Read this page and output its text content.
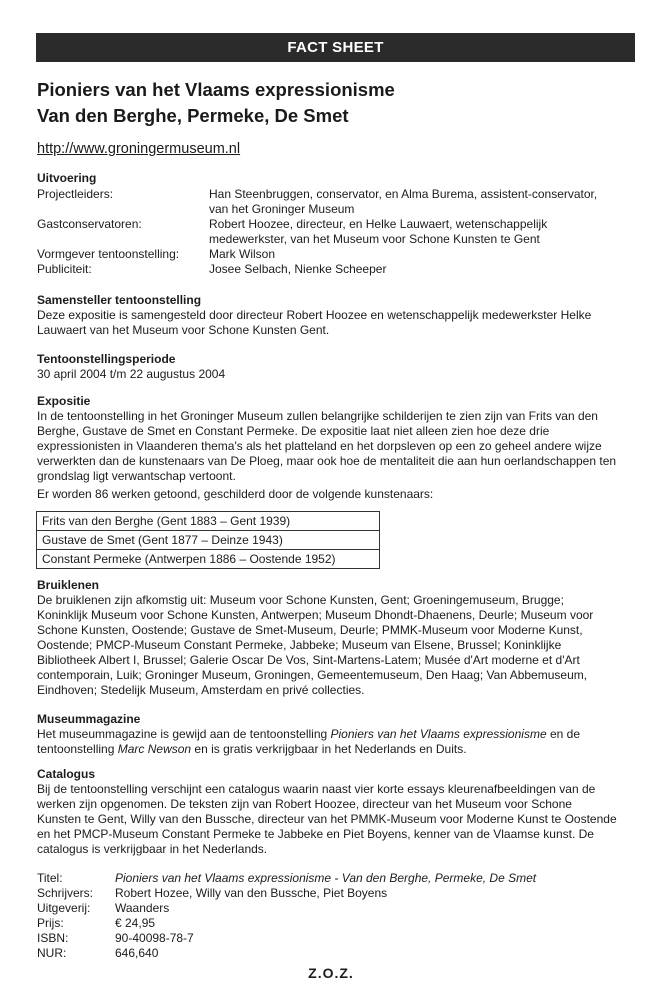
FACT SHEET
Pioniers van het Vlaams expressionisme
Van den Berghe, Permeke, De Smet
http://www.groningermuseum.nl
Uitvoering
Projectleiders:	Han Steenbruggen, conservator, en Alma Burema, assistent-conservator, van het Groninger Museum
Gastconservatoren:	Robert Hoozee, directeur, en Helke Lauwaert, wetenschappelijk medewerkster, van het Museum voor Schone Kunsten te Gent
Vormgever tentoonstelling: Mark Wilson
Publiciteit:	Josee Selbach, Nienke Scheeper
Samensteller tentoonstelling
Deze expositie is samengesteld door directeur Robert Hoozee en wetenschappelijk medewerkster Helke Lauwaert van het Museum voor Schone Kunsten Gent.
Tentoonstellingsperiode
30 april 2004 t/m 22 augustus 2004
Expositie
In de tentoonstelling in het Groninger Museum zullen belangrijke schilderijen te zien zijn van Frits van den Berghe, Gustave de Smet en Constant Permeke. De expositie laat niet alleen zien hoe deze drie expressionisten in Vlaanderen thema's als het platteland en het dorpsleven op een zo geheel andere wijze verwerkten dan de kunstenaars van De Ploeg, maar ook hoe de mentaliteit die aan hun oerlandschappen ten grondslag ligt verwantschap vertoont.
Er worden 86 werken getoond, geschilderd door de volgende kunstenaars:
Frits van den Berghe (Gent 1883 – Gent 1939)
Gustave de Smet (Gent 1877 – Deinze 1943)
Constant Permeke (Antwerpen 1886 – Oostende 1952)
Bruiklenen
De bruiklenen zijn afkomstig uit: Museum voor Schone Kunsten, Gent; Groeningemuseum, Brugge; Koninklijk Museum voor Schone Kunsten, Antwerpen; Museum Dhondt-Dhaenens, Deurle; Museum voor Schone Kunsten, Oostende; Gustave de Smet-Museum, Deurle; PMMK-Museum voor Moderne Kunst, Oostende; PMCP-Museum Constant Permeke, Jabbeke; Museum van Elsene, Brussel; Koninklijke Bibliotheek Albert I, Brussel; Galerie Oscar De Vos, Sint-Martens-Latem; Musée d'Art moderne et d'Art contemporain, Luik; Groninger Museum, Groningen, Gemeentemuseum, Den Haag; Van Abbemuseum, Eindhoven; Stedelijk Museum, Amsterdam en privé collecties.
Museummagazine
Het museummagazine is gewijd aan de tentoonstelling Pioniers van het Vlaams expressionisme en de tentoonstelling Marc Newson en is gratis verkrijgbaar in het Nederlands en Duits.
Catalogus
Bij de tentoonstelling verschijnt een catalogus waarin naast vier korte essays kleurenafbeeldingen van de werken zijn opgenomen. De teksten zijn van Robert Hoozee, directeur van het Museum voor Schone Kunsten te Gent, Willy van den Bussche, directeur van het PMMK-Museum voor Moderne Kunst te Oostende en het PMCP-Museum Constant Permeke te Jabbeke en Piet Boyens, kenner van de Vlaamse kunst. De catalogus is verkrijgbaar in het Nederlands.
Titel:	Pioniers van het Vlaams expressionisme - Van den Berghe, Permeke, De Smet
Schrijvers: Robert Hozee, Willy van den Bussche, Piet Boyens
Uitgeverij: Waanders
Prijs:	€ 24,95
ISBN:	90-40098-78-7
NUR:	646,640
Z.O.Z.
